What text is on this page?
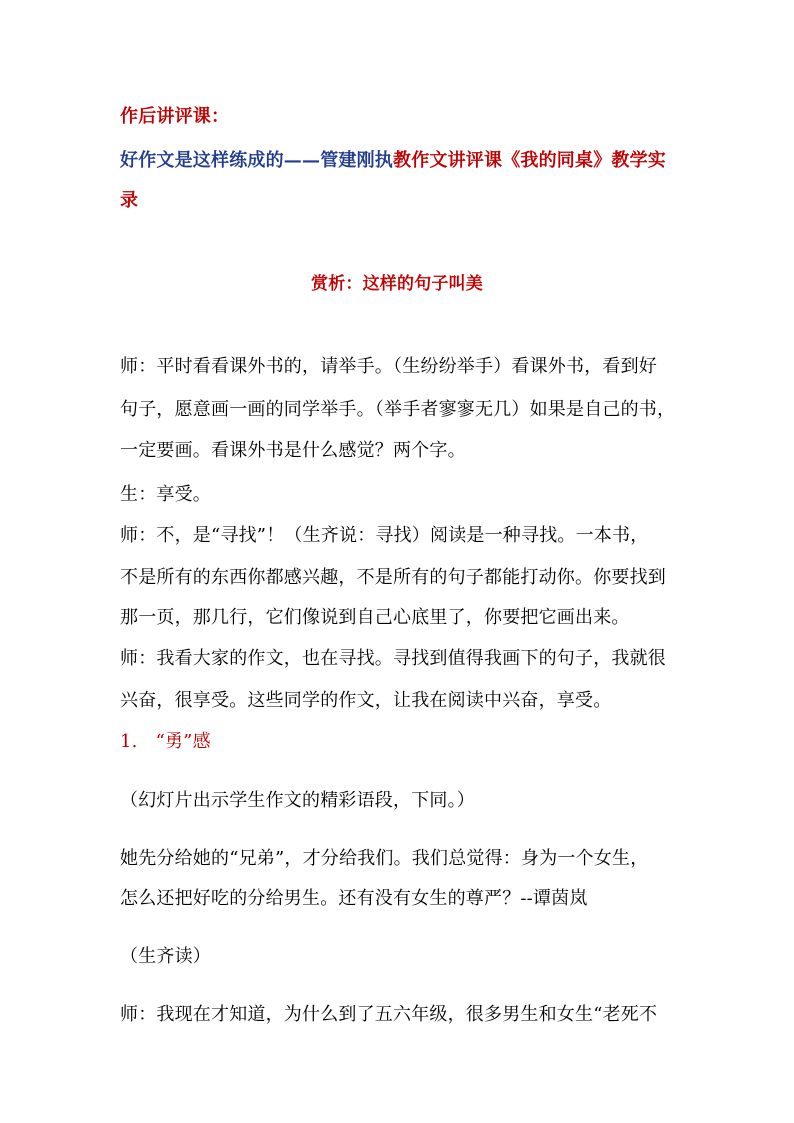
作后讲评课：
好作文是这样练成的——管建刚执教作文讲评课《我的同桌》教学实
录
赏析：这样的句子叫美
师：平时看看课外书的，请举手。（生纷纷举手）看课外书，看到好
句子，愿意画一画的同学举手。（举手者寥寥无几）如果是自己的书，
一定要画。看课外书是什么感觉？两个字。
生：享受。
师：不，是“寻找”！（生齐说：寻找）阅读是一种寻找。一本书，
不是所有的东西你都感兴趣，不是所有的句子都能打动你。你要找到
那一页，那几行，它们像说到自己心底里了，你要把它画出来。
师：我看大家的作文，也在寻找。寻找到值得我画下的句子，我就很
兴奋，很享受。这些同学的作文，让我在阅读中兴奋，享受。
1. “勇”感
（幻灯片出示学生作文的精彩语段，下同。）
她先分给她的“兄弟”，才分给我们。我们总觉得：身为一个女生，
怎么还把好吃的分给男生。还有没有女生的尊严？--谭茵岚
（生齐读）
师：我现在才知道，为什么到了五六年级，很多男生和女生“老死不
